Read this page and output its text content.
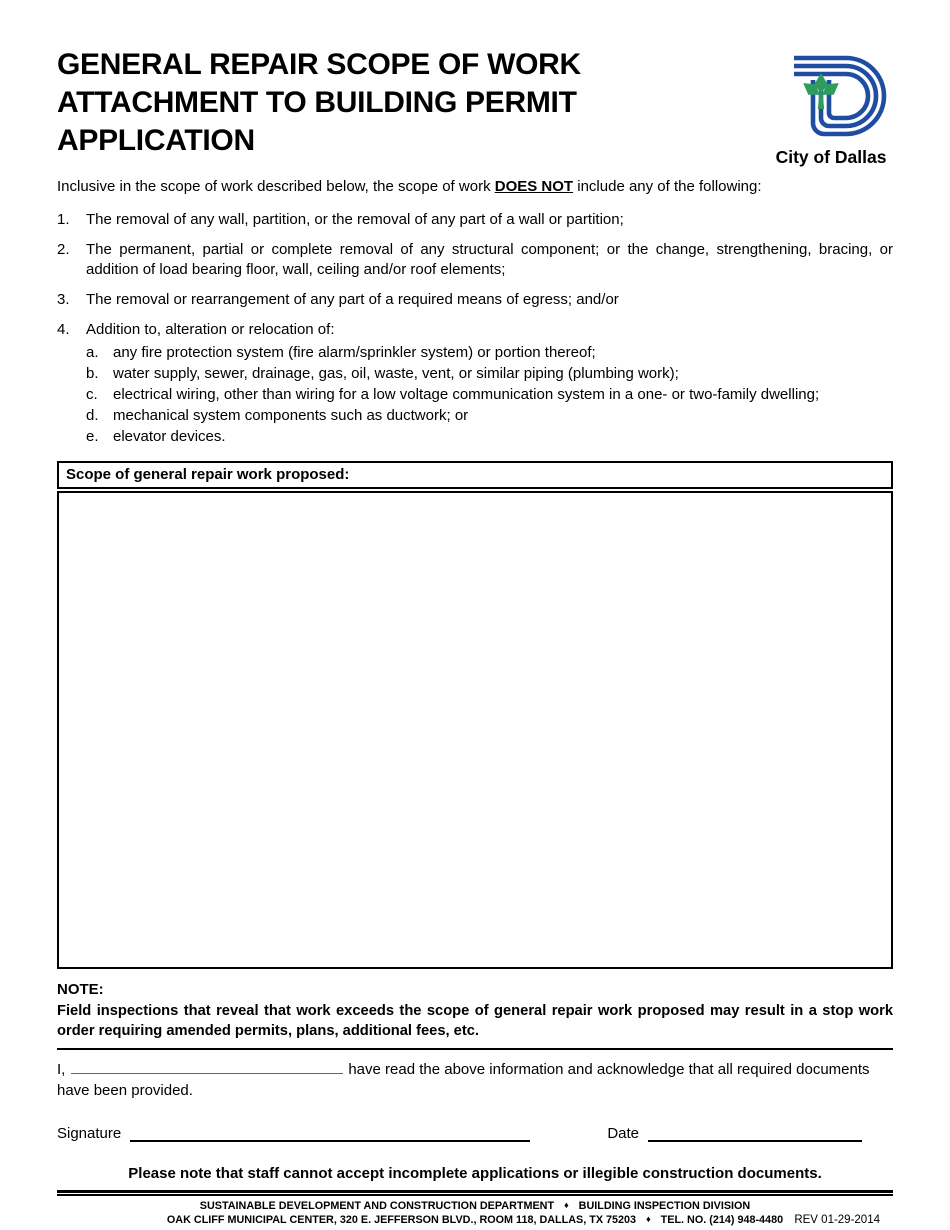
GENERAL REPAIR SCOPE OF WORK
ATTACHMENT TO BUILDING PERMIT
APPLICATION	City of Dallas

Inclusive in the scope of work described below, the scope of work DOES NOT include any of the following:

1.	The removal of any wall, partition, or the removal of any part of a wall or partition;
2.	The permanent, partial or complete removal of any structural component; or the change, strengthening, bracing, or addition of load bearing floor, wall, ceiling and/or roof elements;
3.	The removal or rearrangement of any part of a required means of egress; and/or
4.	Addition to, alteration or relocation of:
a. any fire protection system (fire alarm/sprinkler system) or portion thereof;
b. water supply, sewer, drainage, gas, oil, waste, vent, or similar piping (plumbing work);
c.	electrical wiring, other than wiring for a low voltage communication system in a one- or two-family dwelling;
d. mechanical system components such as ductwork; or
e. elevator devices.
Scope of general repair work proposed:
NOTE:

Field inspections that reveal that work exceeds the scope of general repair work proposed may result in a stop work order requiring amended permits, plans, additional fees, etc.

I,	have read the above information and acknowledge that all required documents have been provided.

Signature	Date

Please note that staff cannot accept incomplete applications or illegible construction documents.

SUSTAINABLE DEVELOPMENT AND CONSTRUCTION DEPARTMENT ♦ BUILDING INSPECTION DIVISION
OAK CLIFF MUNICIPAL CENTER, 320 E. JEFFERSON BLVD., ROOM 118, DALLAS, TX 75203 ♦ TEL. NO. (214) 948-4480 REV 01-29-2014
